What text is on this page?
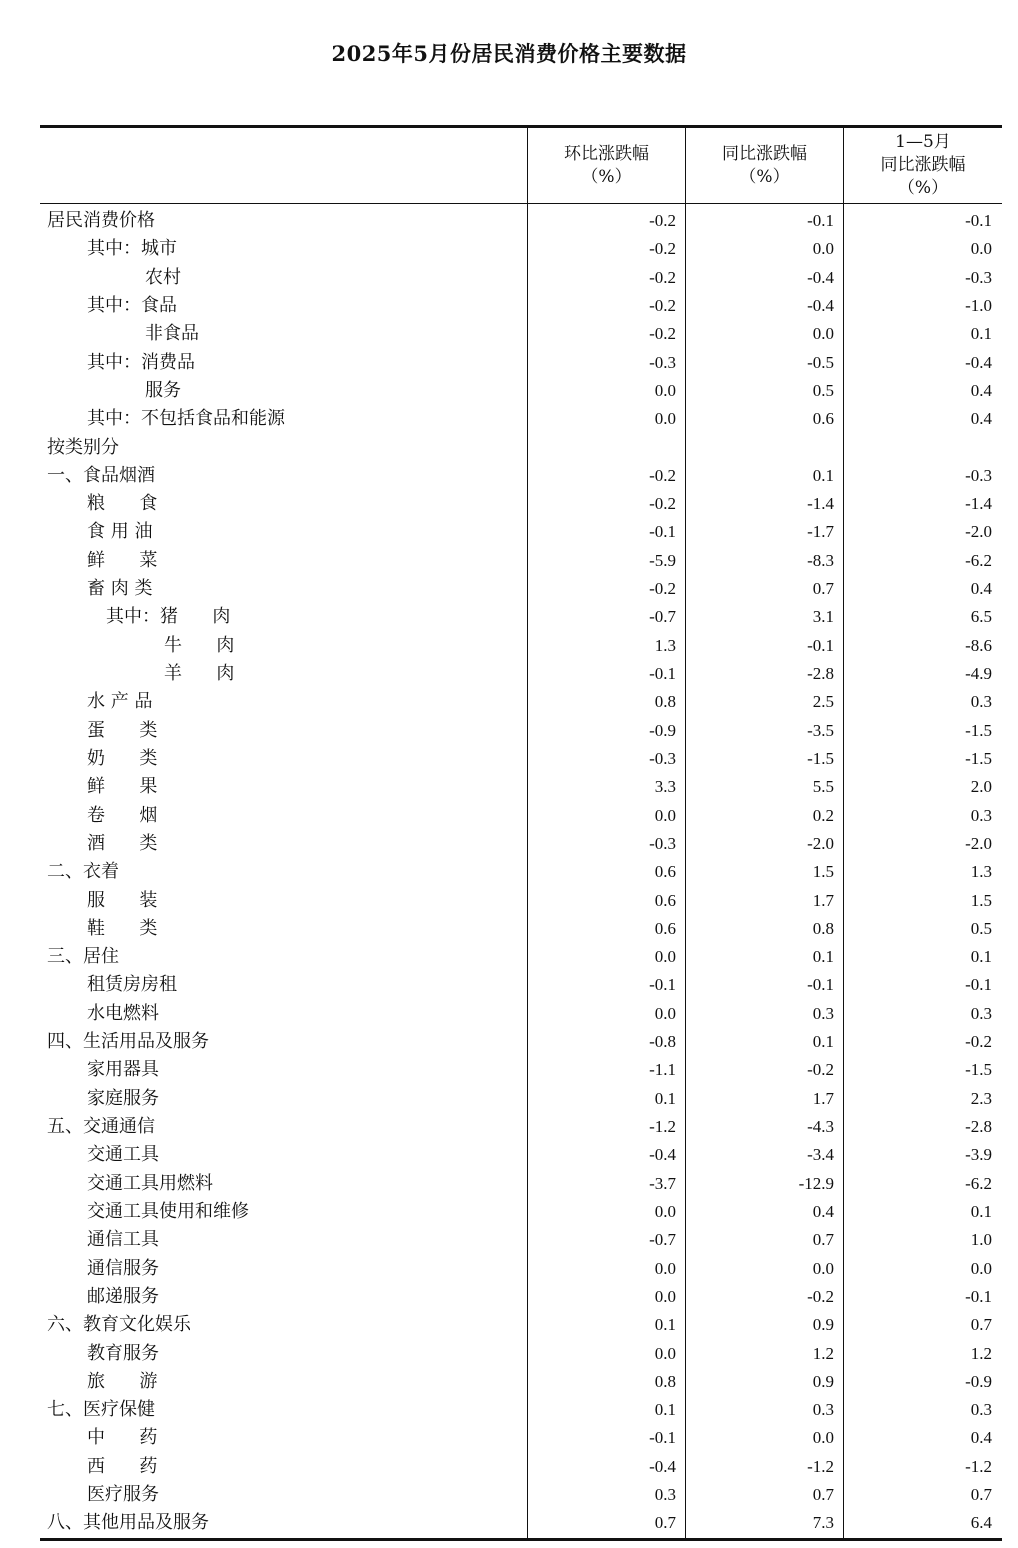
2025年5月份居民消费价格主要数据
环比涨跌幅
（%）
同比涨跌幅
（%）
1—5月
同比涨跌幅
（%）
居民消费价格	-0.2	-0.1	-0.1
其中：城市	-0.2	0.0	0.0
农村	-0.2	-0.4	-0.3
其中：食品	-0.2	-0.4	-1.0
非食品	-0.2	0.0	0.1
其中：消费品	-0.3	-0.5	-0.4
服务	0.0	0.5	0.4
其中：不包括食品和能源	0.0	0.6	0.4
按类别分
一、食品烟酒	-0.2	0.1	-0.3
粮      食	-0.2	-1.4	-1.4
食 用 油	-0.1	-1.7	-2.0
鲜      菜	-5.9	-8.3	-6.2
畜 肉 类	-0.2	0.7	0.4
其中：猪      肉	-0.7	3.1	6.5
牛      肉	1.3	-0.1	-8.6
羊      肉	-0.1	-2.8	-4.9
水 产 品	0.8	2.5	0.3
蛋      类	-0.9	-3.5	-1.5
奶      类	-0.3	-1.5	-1.5
鲜      果	3.3	5.5	2.0
卷      烟	0.0	0.2	0.3
酒      类	-0.3	-2.0	-2.0
二、衣着	0.6	1.5	1.3
服      装	0.6	1.7	1.5
鞋      类	0.6	0.8	0.5
三、居住	0.0	0.1	0.1
租赁房房租	-0.1	-0.1	-0.1
水电燃料	0.0	0.3	0.3
四、生活用品及服务	-0.8	0.1	-0.2
家用器具	-1.1	-0.2	-1.5
家庭服务	0.1	1.7	2.3
五、交通通信	-1.2	-4.3	-2.8
交通工具	-0.4	-3.4	-3.9
交通工具用燃料	-3.7	-12.9	-6.2
交通工具使用和维修	0.0	0.4	0.1
通信工具	-0.7	0.7	1.0
通信服务	0.0	0.0	0.0
邮递服务	0.0	-0.2	-0.1
六、教育文化娱乐	0.1	0.9	0.7
教育服务	0.0	1.2	1.2
旅      游	0.8	0.9	-0.9
七、医疗保健	0.1	0.3	0.3
中      药	-0.1	0.0	0.4
西      药	-0.4	-1.2	-1.2
医疗服务	0.3	0.7	0.7
八、其他用品及服务	0.7	7.3	6.4
